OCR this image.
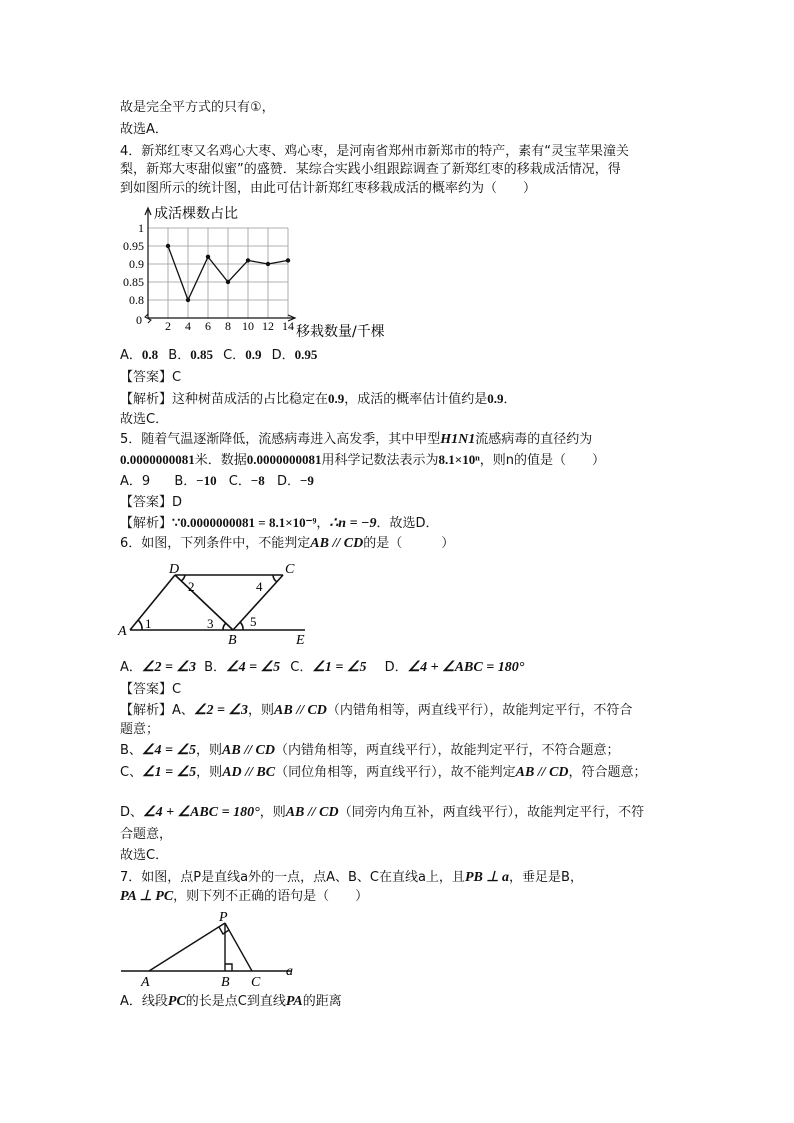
故是完全平方式的只有①，
故选A．
4．新郑红枣又名鸡心大枣、鸡心枣，是河南省郑州市新郑市的特产，素有“灵宝苹果潼关
梨，新郑大枣甜似蜜”的盛赞．某综合实践小组跟踪调查了新郑红枣的移栽成活情况，得
到如图所示的统计图，由此可估计新郑红枣移栽成活的概率约为（　　）
1
0.95
0.9
0.85
0.8
2 4 6 8 10 12 14
成活棵数占比
移栽数量/千棵
0
A．0.8 B．0.85 C．0.9 D．0.95
【答案】C
【解析】这种树苗成活的占比稳定在0.9，成活的概率估计值约是0.9．
故选C．
5．随着气温逐渐降低，流感病毒进入高发季，其中甲型H1N1流感病毒的直径约为
0.0000000081米．数据0.0000000081用科学记数法表示为8.1×10ⁿ，则n的值是（　　）
A．9 B．−10 C．−8 D．−9
【答案】D
【解析】∵0.0000000081 = 8.1×10⁻⁹，∴n = −9．故选D．
6．如图，下列条件中，不能判定AB // CD的是（　　　）
D	C
A
B	E
1
2
3
4
5
A．∠2 = ∠3 B．∠4 = ∠5 C．∠1 = ∠5 D．∠4 + ∠ABC = 180°
【答案】C
【解析】A、∠2 = ∠3，则AB // CD（内错角相等，两直线平行），故能判定平行，不符合
题意；
B、∠4 = ∠5，则AB // CD（内错角相等，两直线平行），故能判定平行，不符合题意；
C、∠1 = ∠5，则AD // BC（同位角相等，两直线平行），故不能判定AB // CD，符合题意；
D、∠4 + ∠ABC = 180°，则AB // CD（同旁内角互补，两直线平行），故能判定平行，不符
合题意，
故选C．
7．如图，点P是直线a外的一点，点A、B、C在直线a上，且PB ⊥ a，垂足是B，
PA ⊥ PC，则下列不正确的语句是（　　）
P
A	B C
a
A．线段PC的长是点C到直线PA的距离
